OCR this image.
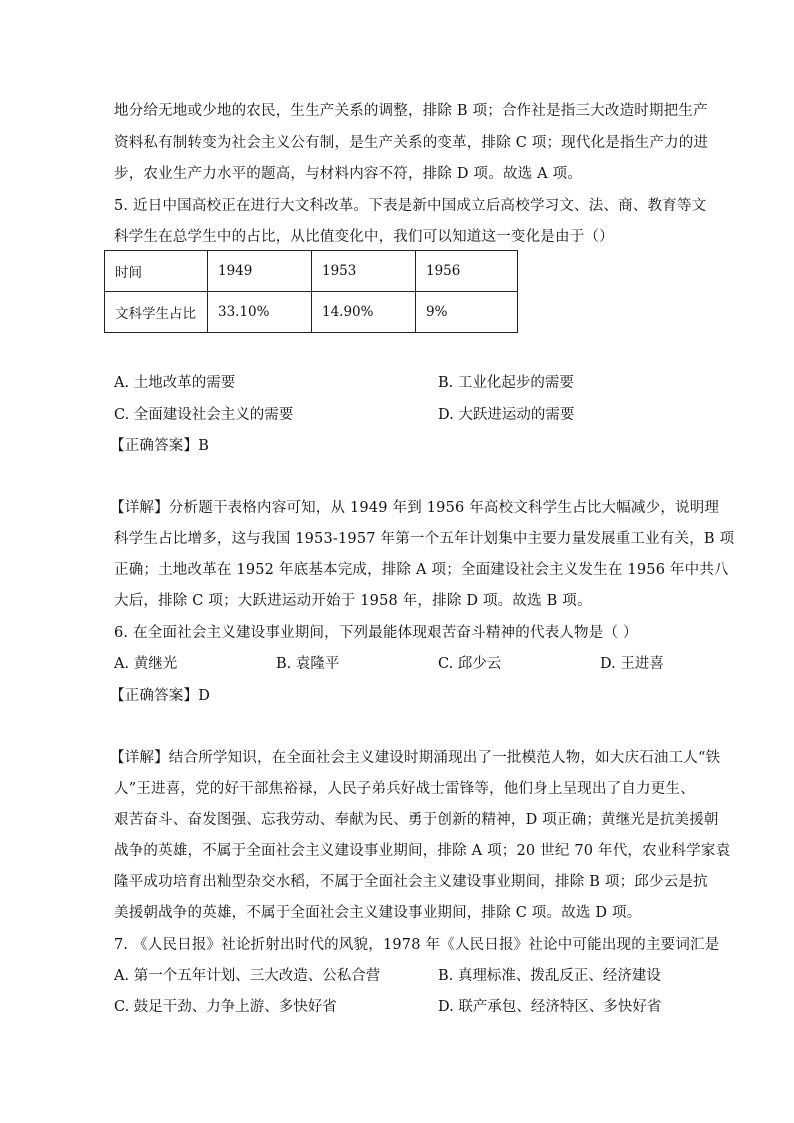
地分给无地或少地的农民，生生产关系的调整，排除 B 项；合作社是指三大改造时期把生产
资料私有制转变为社会主义公有制，是生产关系的变革，排除 C 项；现代化是指生产力的进
步，农业生产力水平的题高，与材料内容不符，排除 D 项。故选 A 项。
5. 近日中国高校正在进行大文科改革。下表是新中国成立后高校学习文、法、商、教育等文
科学生在总学生中的占比，从比值变化中，我们可以知道这一变化是由于（）
时间	1949	1953	1956
文科学生占比	33.10%	14.90%	9%
A. 土地改革的需要	B. 工业化起步的需要
C. 全面建设社会主义的需要	D. 大跃进运动的需要
【正确答案】B
【详解】分析题干表格内容可知，从 1949 年到 1956 年高校文科学生占比大幅减少，说明理
科学生占比增多，这与我国 1953-1957 年第一个五年计划集中主要力量发展重工业有关，B 项
正确；土地改革在 1952 年底基本完成，排除 A 项；全面建设社会主义发生在 1956 年中共八
大后，排除 C 项；大跃进运动开始于 1958 年，排除 D 项。故选 B 项。
6. 在全面社会主义建设事业期间，下列最能体现艰苦奋斗精神的代表人物是（ ）
A. 黄继光	B. 袁隆平	C. 邱少云	D. 王进喜
【正确答案】D
【详解】结合所学知识，在全面社会主义建设时期涌现出了一批模范人物，如大庆石油工人“铁
人”王进喜，党的好干部焦裕禄，人民子弟兵好战士雷锋等，他们身上呈现出了自力更生、
艰苦奋斗、奋发图强、忘我劳动、奉献为民、勇于创新的精神，D 项正确；黄继光是抗美援朝
战争的英雄，不属于全面社会主义建设事业期间，排除 A 项；20 世纪 70 年代，农业科学家袁
隆平成功培育出籼型杂交水稻，不属于全面社会主义建设事业期间，排除 B 项；邱少云是抗
美援朝战争的英雄，不属于全面社会主义建设事业期间，排除 C 项。故选 D 项。
7. 《人民日报》社论折射出时代的风貌，1978 年《人民日报》社论中可能出现的主要词汇是
A. 第一个五年计划、三大改造、公私合营	B. 真理标准、拨乱反正、经济建设
C. 鼓足干劲、力争上游、多快好省	D. 联产承包、经济特区、多快好省
